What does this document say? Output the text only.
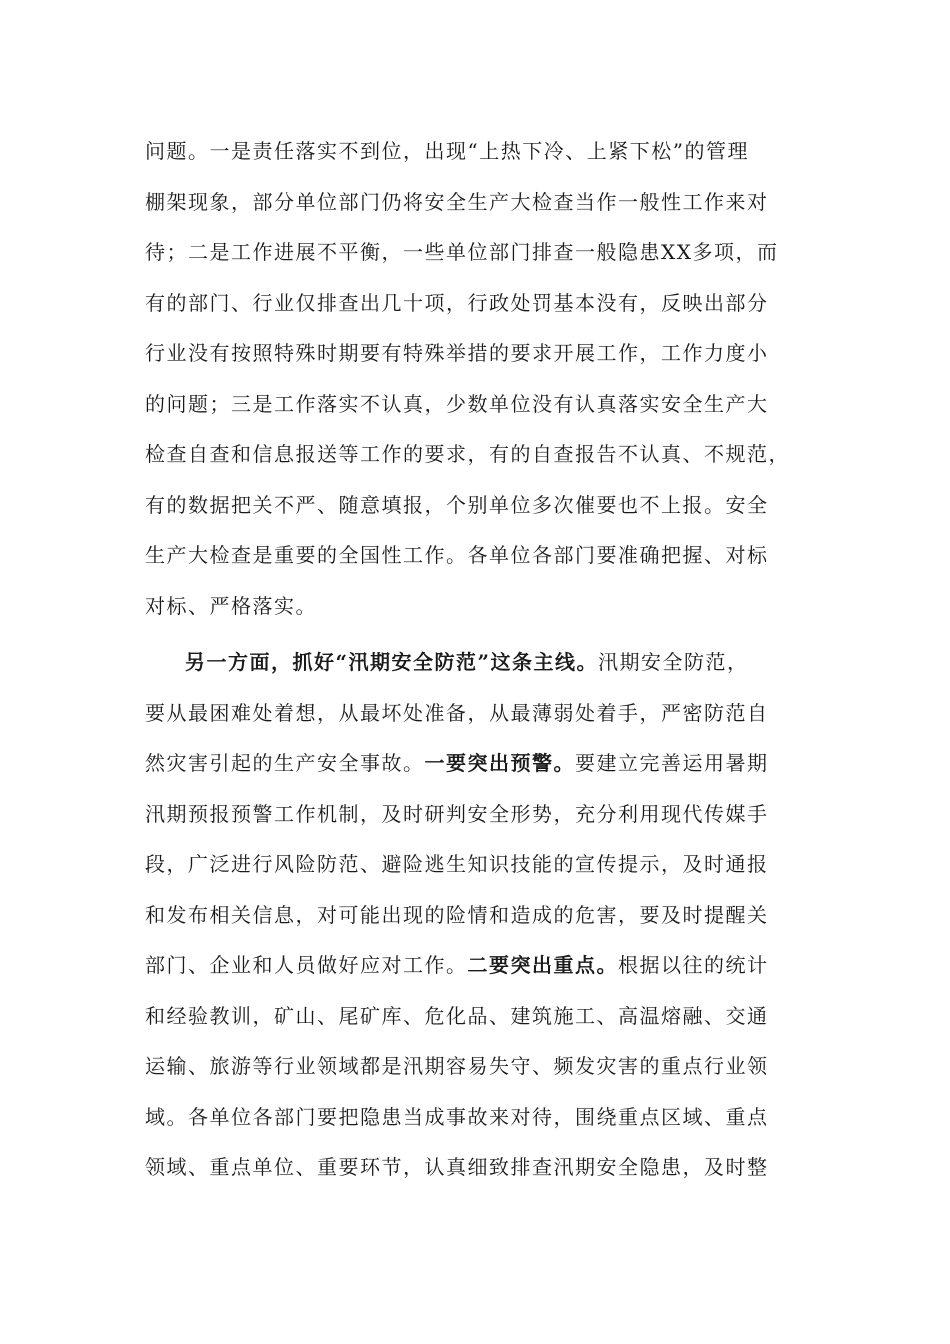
问题。一是责任落实不到位，出现“上热下冷、上紧下松”的管理
棚架现象，部分单位部门仍将安全生产大检查当作一般性工作来对
待；二是工作进展不平衡，一些单位部门排查一般隐患XX多项，而
有的部门、行业仅排查出几十项，行政处罚基本没有，反映出部分
行业没有按照特殊时期要有特殊举措的要求开展工作，工作力度小
的问题；三是工作落实不认真，少数单位没有认真落实安全生产大
检查自查和信息报送等工作的要求，有的自查报告不认真、不规范，
有的数据把关不严、随意填报，个别单位多次催要也不上报。安全
生产大检查是重要的全国性工作。各单位各部门要准确把握、对标
对标、严格落实。
另一方面，抓好“汛期安全防范”这条主线。汛期安全防范，
要从最困难处着想，从最坏处准备，从最薄弱处着手，严密防范自
然灾害引起的生产安全事故。一要突出预警。要建立完善运用暑期
汛期预报预警工作机制，及时研判安全形势，充分利用现代传媒手
段，广泛进行风险防范、避险逃生知识技能的宣传提示，及时通报
和发布相关信息，对可能出现的险情和造成的危害，要及时提醒关
部门、企业和人员做好应对工作。二要突出重点。根据以往的统计
和经验教训，矿山、尾矿库、危化品、建筑施工、高温熔融、交通
运输、旅游等行业领域都是汛期容易失守、频发灾害的重点行业领
域。各单位各部门要把隐患当成事故来对待，围绕重点区域、重点
领域、重点单位、重要环节，认真细致排查汛期安全隐患，及时整
